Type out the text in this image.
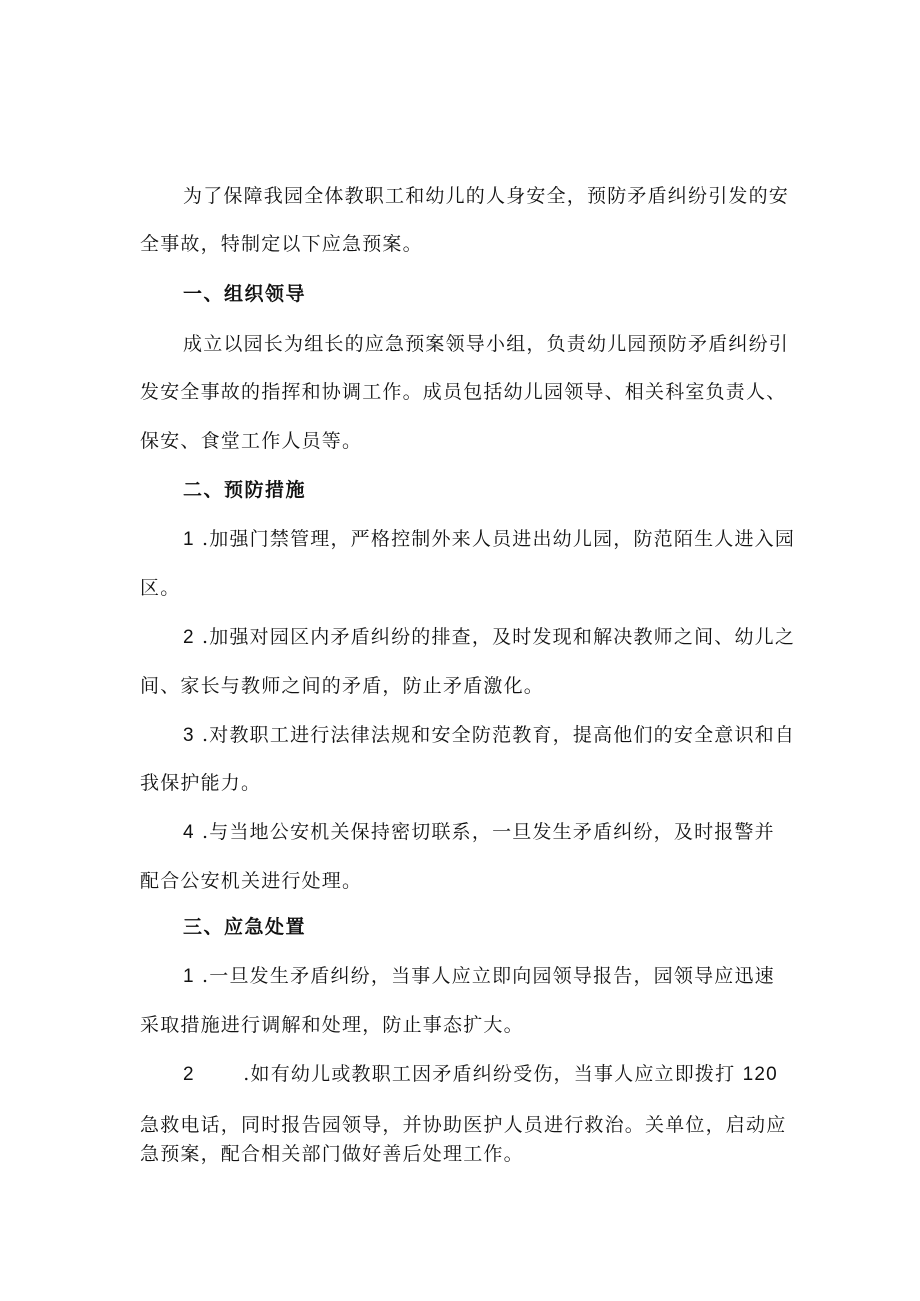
为了保障我园全体教职工和幼儿的人身安全，预防矛盾纠纷引发的安
全事故，特制定以下应急预案。
一、组织领导
成立以园长为组长的应急预案领导小组，负责幼儿园预防矛盾纠纷引
发安全事故的指挥和协调工作。成员包括幼儿园领导、相关科室负责人、
保安、食堂工作人员等。
二、预防措施
1 .加强门禁管理，严格控制外来人员进出幼儿园，防范陌生人进入园
区。
2 .加强对园区内矛盾纠纷的排查，及时发现和解决教师之间、幼儿之
间、家长与教师之间的矛盾，防止矛盾激化。
3 .对教职工进行法律法规和安全防范教育，提高他们的安全意识和自
我保护能力。
4 .与当地公安机关保持密切联系，一旦发生矛盾纠纷，及时报警并
配合公安机关进行处理。
三、应急处置
1 .一旦发生矛盾纠纷，当事人应立即向园领导报告，园领导应迅速
采取措施进行调解和处理，防止事态扩大。
2	.如有幼儿或教职工因矛盾纠纷受伤，当事人应立即拨打 120
急救电话，同时报告园领导，并协助医护人员进行救治。关单位，启动应
急预案，配合相关部门做好善后处理工作。
